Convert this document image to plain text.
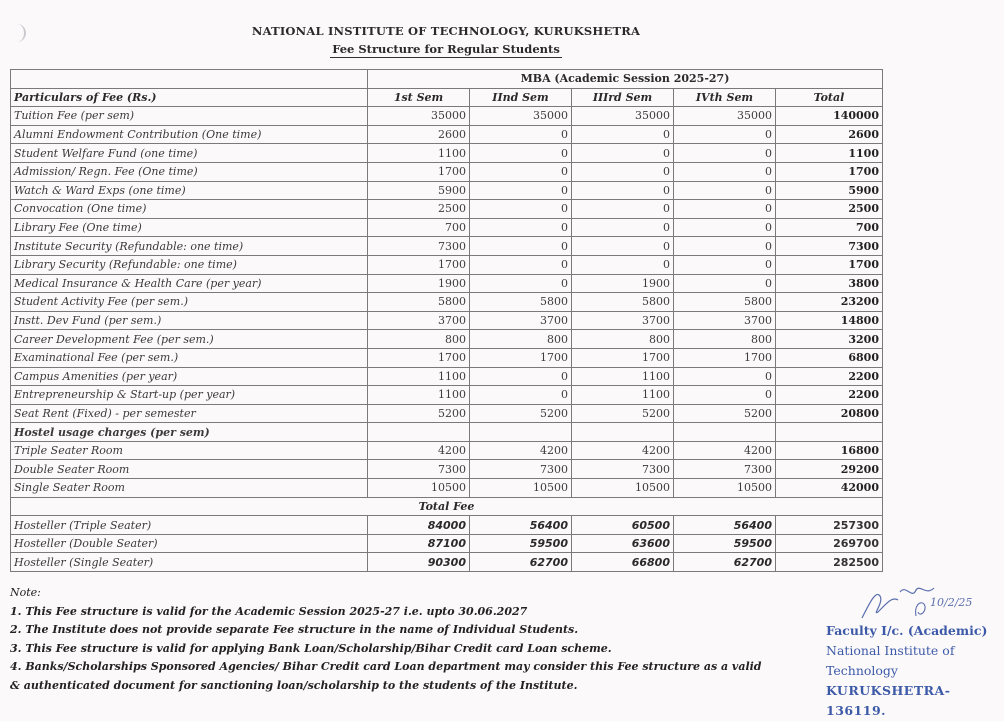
NATIONAL INSTITUTE OF TECHNOLOGY, KURUKSHETRA
Fee Structure for Regular Students
	MBA (Academic Session 2025-27)				
Particulars of Fee (Rs.)	1st Sem	IInd Sem	IIIrd Sem	IVth Sem	Total
Tuition Fee (per sem)	35000	35000	35000	35000	140000
Alumni Endowment Contribution (One time)	2600	0	0	0	2600
Student Welfare Fund (one time)	1100	0	0	0	1100
Admission/ Regn. Fee (One time)	1700	0	0	0	1700
Watch & Ward Exps (one time)	5900	0	0	0	5900
Convocation (One time)	2500	0	0	0	2500
Library Fee (One time)	700	0	0	0	700
Institute Security (Refundable: one time)	7300	0	0	0	7300
Library Security (Refundable: one time)	1700	0	0	0	1700
Medical Insurance & Health Care (per year)	1900	0	1900	0	3800
Student Activity Fee (per sem.)	5800	5800	5800	5800	23200
Instt. Dev Fund (per sem.)	3700	3700	3700	3700	14800
Career Development Fee (per sem.)	800	800	800	800	3200
Examinational Fee (per sem.)	1700	1700	1700	1700	6800
Campus Amenities (per year)	1100	0	1100	0	2200
Entrepreneurship & Start-up (per year)	1100	0	1100	0	2200
Seat Rent (Fixed) - per semester	5200	5200	5200	5200	20800
Hostel usage charges (per sem)					
Triple Seater Room	4200	4200	4200	4200	16800
Double Seater Room	7300	7300	7300	7300	29200
Single Seater Room	10500	10500	10500	10500	42000
Total Fee					
Hosteller (Triple Seater)	84000	56400	60500	56400	257300
Hosteller (Double Seater)	87100	59500	63600	59500	269700
Hosteller (Single Seater)	90300	62700	66800	62700	282500
Note:
1. This Fee structure is valid for the Academic Session 2025-27 i.e. upto 30.06.2027
2. The Institute does not provide separate Fee structure in the name of Individual Students.
3. This Fee structure is valid for applying Bank Loan/Scholarship/Bihar Credit card Loan scheme.
4. Banks/Scholarships Sponsored Agencies/ Bihar Credit card Loan department may consider this Fee structure as a valid
& authenticated document for sanctioning loan/scholarship to the students of the Institute.
10/2/25
Faculty I/c. (Academic)
National Institute of Technology
KURUKSHETRA-136119.
